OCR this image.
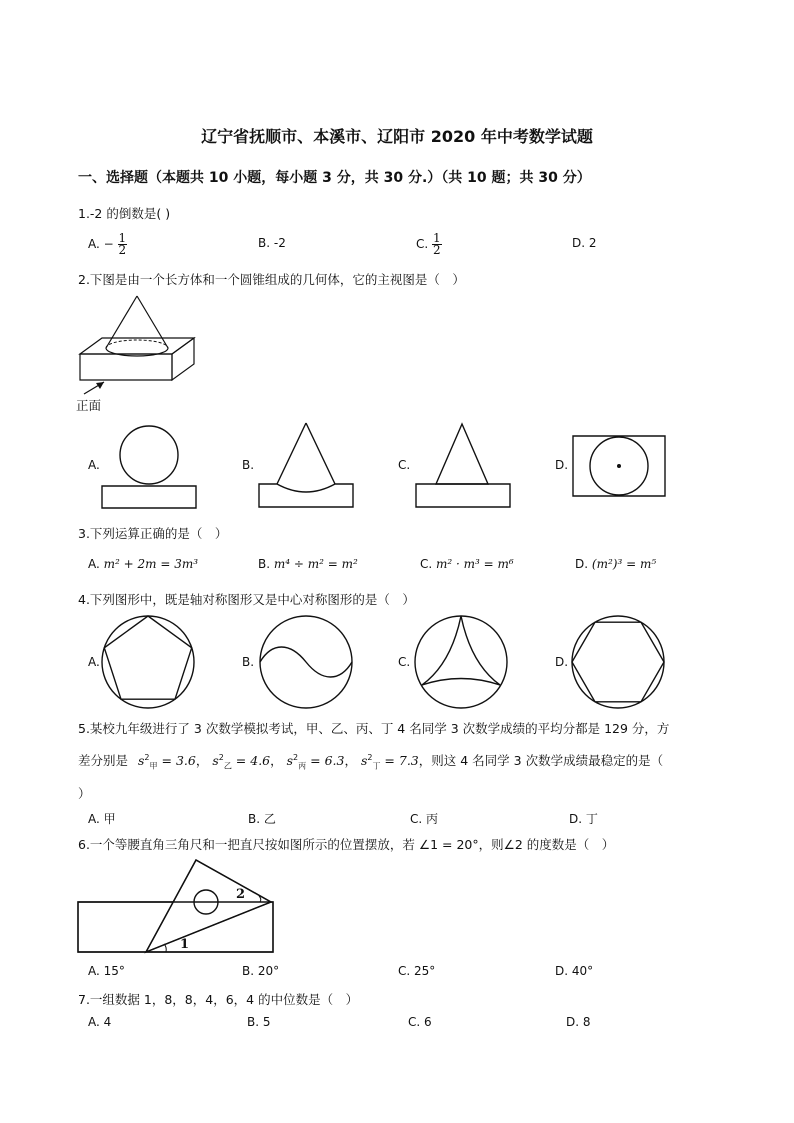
辽宁省抚顺市、本溪市、辽阳市 2020 年中考数学试题
一、选择题（本题共 10 小题，每小题 3 分，共 30 分.）（共 10 题；共 30 分）
1.-2 的倒数是( )
A. − $\frac{1}{2}$	B. -2	C. $\frac{1}{2}$	D. 2
2.下图是由一个长方体和一个圆锥组成的几何体，它的主视图是（　）
正面
A.	B.	C.	D.
3.下列运算正确的是（　）
A. m² + 2m = 3m³	B. m⁴ ÷ m² = m²	C. m² · m³ = m⁶	D. (m²)³ = m⁵
4.下列图形中，既是轴对称图形又是中心对称图形的是（　）
A.	B.	C.	D.
5.某校九年级进行了 3 次数学模拟考试，甲、乙、丙、丁 4 名同学 3 次数学成绩的平均分都是 129 分，方
差分别是 $s^2_甲 = 3.6$， $s^2_乙 = 4.6$， $s^2_丙 = 6.3$， $s^2_丁 = 7.3$，则这 4 名同学 3 次数学成绩最稳定的是（
）
A. 甲	B. 乙	C. 丙	D. 丁
6.一个等腰直角三角尺和一把直尺按如图所示的位置摆放，若 ∠1 = 20°，则∠2 的度数是（　）
2
1
A. 15°	B. 20°	C. 25°	D. 40°
7.一组数据 1，8，8，4，6，4 的中位数是（　）
A. 4	B. 5	C. 6	D. 8
